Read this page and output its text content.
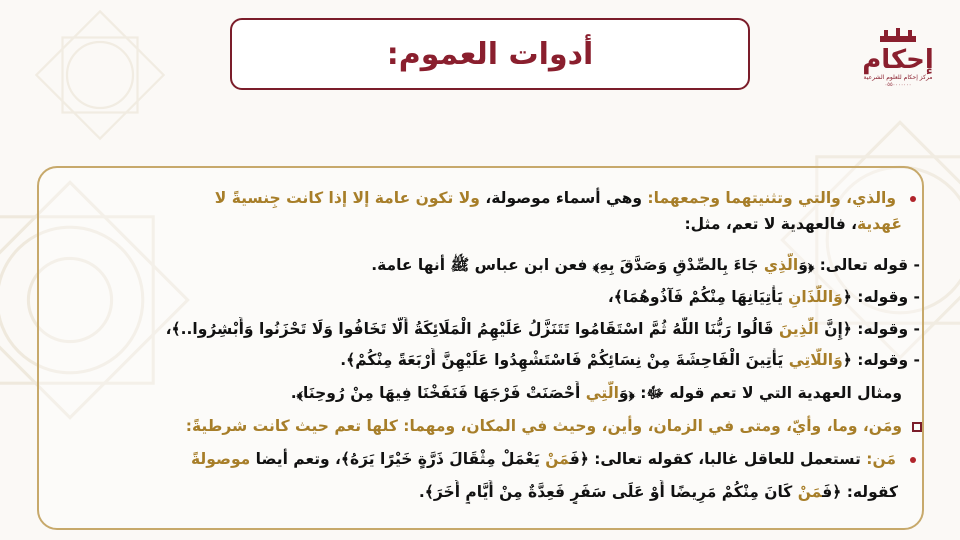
أدوات العموم:	إحكام
مركز إحكام للعلوم الشرعية
٠٥٥٠٠٠٠٠٠٠
والذي، والتي وتثنيتهما وجمعهما: وهي أسماء موصولة، ولا تكون عامة إلا إذا كانت جِنسيةً لا
عَهدية، فالعهدية لا تعم، مثل:
- قوله تعالى: ﴿وَالَّذِي جَاءَ بِالصِّدْقِ وَصَدَّقَ بِهِ﴾ فعن ابن عباس ﷺ أنها عامة.
- وقوله: ﴿وَاللَّذَانِ يَأْتِيَانِهَا مِنْكُمْ فَآذُوهُمَا﴾،
- وقوله: ﴿إِنَّ الَّذِينَ قَالُوا رَبُّنَا اللَّهُ ثُمَّ اسْتَقَامُوا تَتَنَزَّلُ عَلَيْهِمُ الْمَلَائِكَةُ أَلَّا تَخَافُوا وَلَا تَحْزَنُوا وَأَبْشِرُوا..﴾،
- وقوله: ﴿وَاللَّاتِي يَأْتِينَ الْفَاحِشَةَ مِنْ نِسَائِكُمْ فَاسْتَشْهِدُوا عَلَيْهِنَّ أَرْبَعَةً مِنْكُمْ﴾.
ومثال العهدية التي لا تعم قوله ﷻ: ﴿وَالَّتِي أَحْصَنَتْ فَرْجَهَا فَنَفَخْنَا فِيهَا مِنْ رُوحِنَا﴾.
ومَن، وما، وأيّ، ومتى في الزمان، وأين، وحيث في المكان، ومهما: كلها تعم حيث كانت شرطيةً:
مَن: تستعمل للعاقل غالبا، كقوله تعالى: ﴿فَمَنْ يَعْمَلْ مِثْقَالَ ذَرَّةٍ خَيْرًا يَرَهُ﴾، وتعم أيضا موصولةً
كقوله: ﴿فَمَنْ كَانَ مِنْكُمْ مَرِيضًا أَوْ عَلَى سَفَرٍ فَعِدَّةٌ مِنْ أَيَّامٍ أُخَرَ﴾.
